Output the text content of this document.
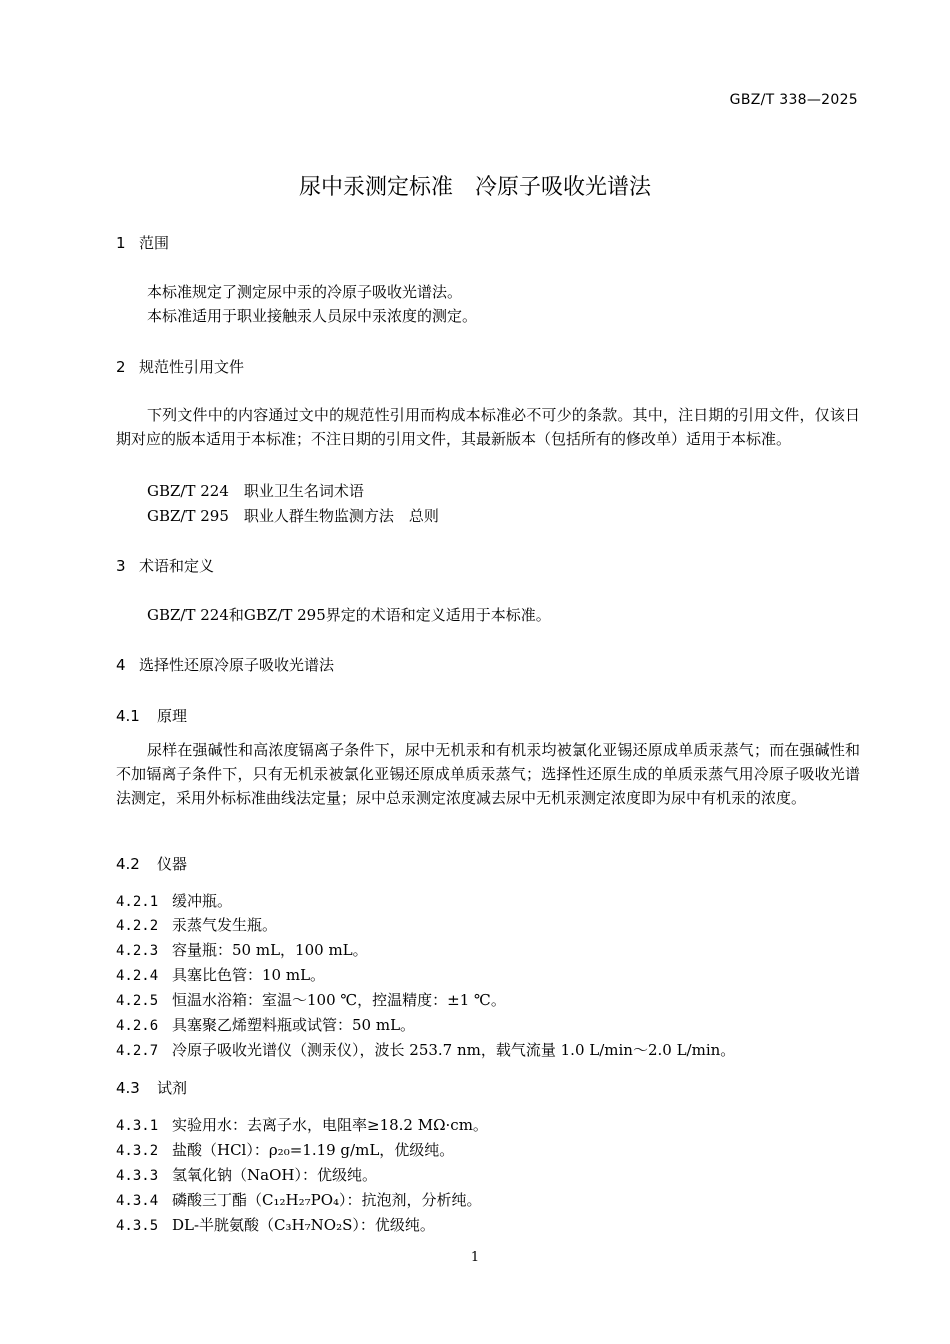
GBZ/T 338—2025
尿中汞测定标准　冷原子吸收光谱法
1 范围
本标准规定了测定尿中汞的冷原子吸收光谱法。
本标准适用于职业接触汞人员尿中汞浓度的测定。
2 规范性引用文件
下列文件中的内容通过文中的规范性引用而构成本标准必不可少的条款。其中，注日期的引用文件，仅该日期对应的版本适用于本标准；不注日期的引用文件，其最新版本（包括所有的修改单）适用于本标准。
GBZ/T 224　职业卫生名词术语
GBZ/T 295　职业人群生物监测方法　总则
3 术语和定义
GBZ/T 224和GBZ/T 295界定的术语和定义适用于本标准。
4 选择性还原冷原子吸收光谱法
4.1 原理
尿样在强碱性和高浓度镉离子条件下，尿中无机汞和有机汞均被氯化亚锡还原成单质汞蒸气；而在强碱性和不加镉离子条件下，只有无机汞被氯化亚锡还原成单质汞蒸气；选择性还原生成的单质汞蒸气用冷原子吸收光谱法测定，采用外标标准曲线法定量；尿中总汞测定浓度减去尿中无机汞测定浓度即为尿中有机汞的浓度。
4.2 仪器
4.2.1 缓冲瓶。
4.2.2 汞蒸气发生瓶。
4.2.3 容量瓶：50 mL，100 mL。
4.2.4 具塞比色管：10 mL。
4.2.5 恒温水浴箱：室温～100 ℃，控温精度：±1 ℃。
4.2.6 具塞聚乙烯塑料瓶或试管：50 mL。
4.2.7 冷原子吸收光谱仪（测汞仪），波长 253.7 nm，载气流量 1.0 L/min～2.0 L/min。
4.3 试剂
4.3.1 实验用水：去离子水，电阻率≥18.2 MΩ·cm。
4.3.2 盐酸（HCl）：ρ₂₀=1.19 g/mL，优级纯。
4.3.3 氢氧化钠（NaOH）：优级纯。
4.3.4 磷酸三丁酯（C₁₂H₂₇PO₄）：抗泡剂，分析纯。
4.3.5 DL-半胱氨酸（C₃H₇NO₂S）：优级纯。
1
